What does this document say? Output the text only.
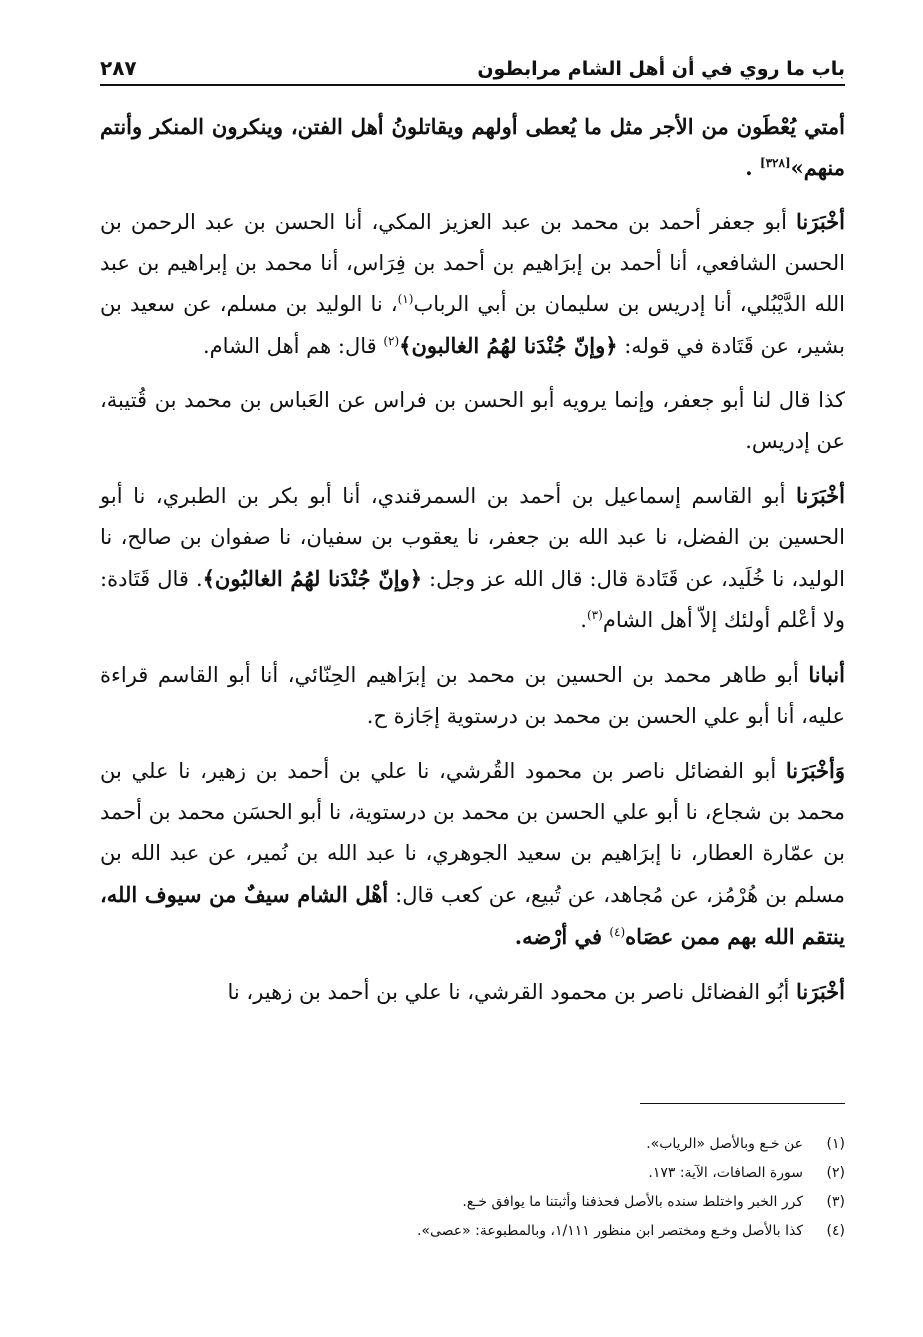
باب ما روي في أن أهل الشام مرابطون
٢٨٧

أمتي يُعْطَون من الأجر مثل ما يُعطى أولهم ويقاتلونُ أهل الفتن، وينكرون المنكر وأنتم منهم»[٣٢٨] .

أخْبَرَنا أبو جعفر أحمد بن محمد بن عبد العزيز المكي، أنا الحسن بن عبد الرحمن بن الحسن الشافعي، أنا أحمد بن إبرَاهيم بن أحمد بن فِرَاس، أنا محمد بن إبراهيم بن عبد الله الدَّيْبُلي، أنا إدريس بن سليمان بن أبي الرباب$^{(١)}$، نا الوليد بن مسلم، عن سعيد بن بشير، عن قَتَادة في قوله: ﴿وإنّ جُنْدَنا لهُمُ الغالبون﴾$^{(٢)}$ قال: هم أهل الشام.

كذا قال لنا أبو جعفر، وإنما يرويه أبو الحسن بن فراس عن العَباس بن محمد بن قُتيبة، عن إدريس.

أخْبَرَنا أبو القاسم إسماعيل بن أحمد بن السمرقندي، أنا أبو بكر بن الطبري، نا أبو الحسين بن الفضل، نا عبد الله بن جعفر، نا يعقوب بن سفيان، نا صفوان بن صالح، نا الوليد، نا خُلَيد، عن قَتَادة قال: قال الله عز وجل: ﴿وإنّ جُنْدَنا لهُمُ الغالبُون﴾. قال قَتَادة: ولا أعْلم أولئك إلاّ أهل الشام$^{(٣)}$.

أنبانا أبو طاهر محمد بن الحسين بن محمد بن إبرَاهيم الحِنّائي، أنا أبو القاسم قراءة عليه، أنا أبو علي الحسن بن محمد بن درستوية إجَازة ح.

وَأخْبَرَنا أبو الفضائل ناصر بن محمود القُرشي، نا علي بن أحمد بن زهير، نا علي بن محمد بن شجاع، نا أبو علي الحسن بن محمد بن درستوية، نا أبو الحسَن محمد بن أحمد بن عمّارة العطار، نا إبرَاهيم بن سعيد الجوهري، نا عبد الله بن نُمير، عن عبد الله بن مسلم بن هُرْمُز، عن مُجاهد، عن تُبيع، عن كعب قال: أهْل الشام سيفٌ من سيوف الله، ينتقم الله بهم ممن عصَاه$^{(٤)}$ في أرْضه.

أخْبَرَنا أبُو الفضائل ناصر بن محمود القرشي، نا علي بن أحمد بن زهير، نا

(١)
عن خـع وبالأصل «الرياب».
(٢)
سورة الصافات، الآية: ١٧٣.
(٣)
كرر الخبر واختلط سنده بالأصل فحذفنا وأثبتنا ما يوافق خـع.
(٤)
كذا بالأصل وخـع ومختصر ابن منظور ١/١١١، وبالمطبوعة: «عصى».
